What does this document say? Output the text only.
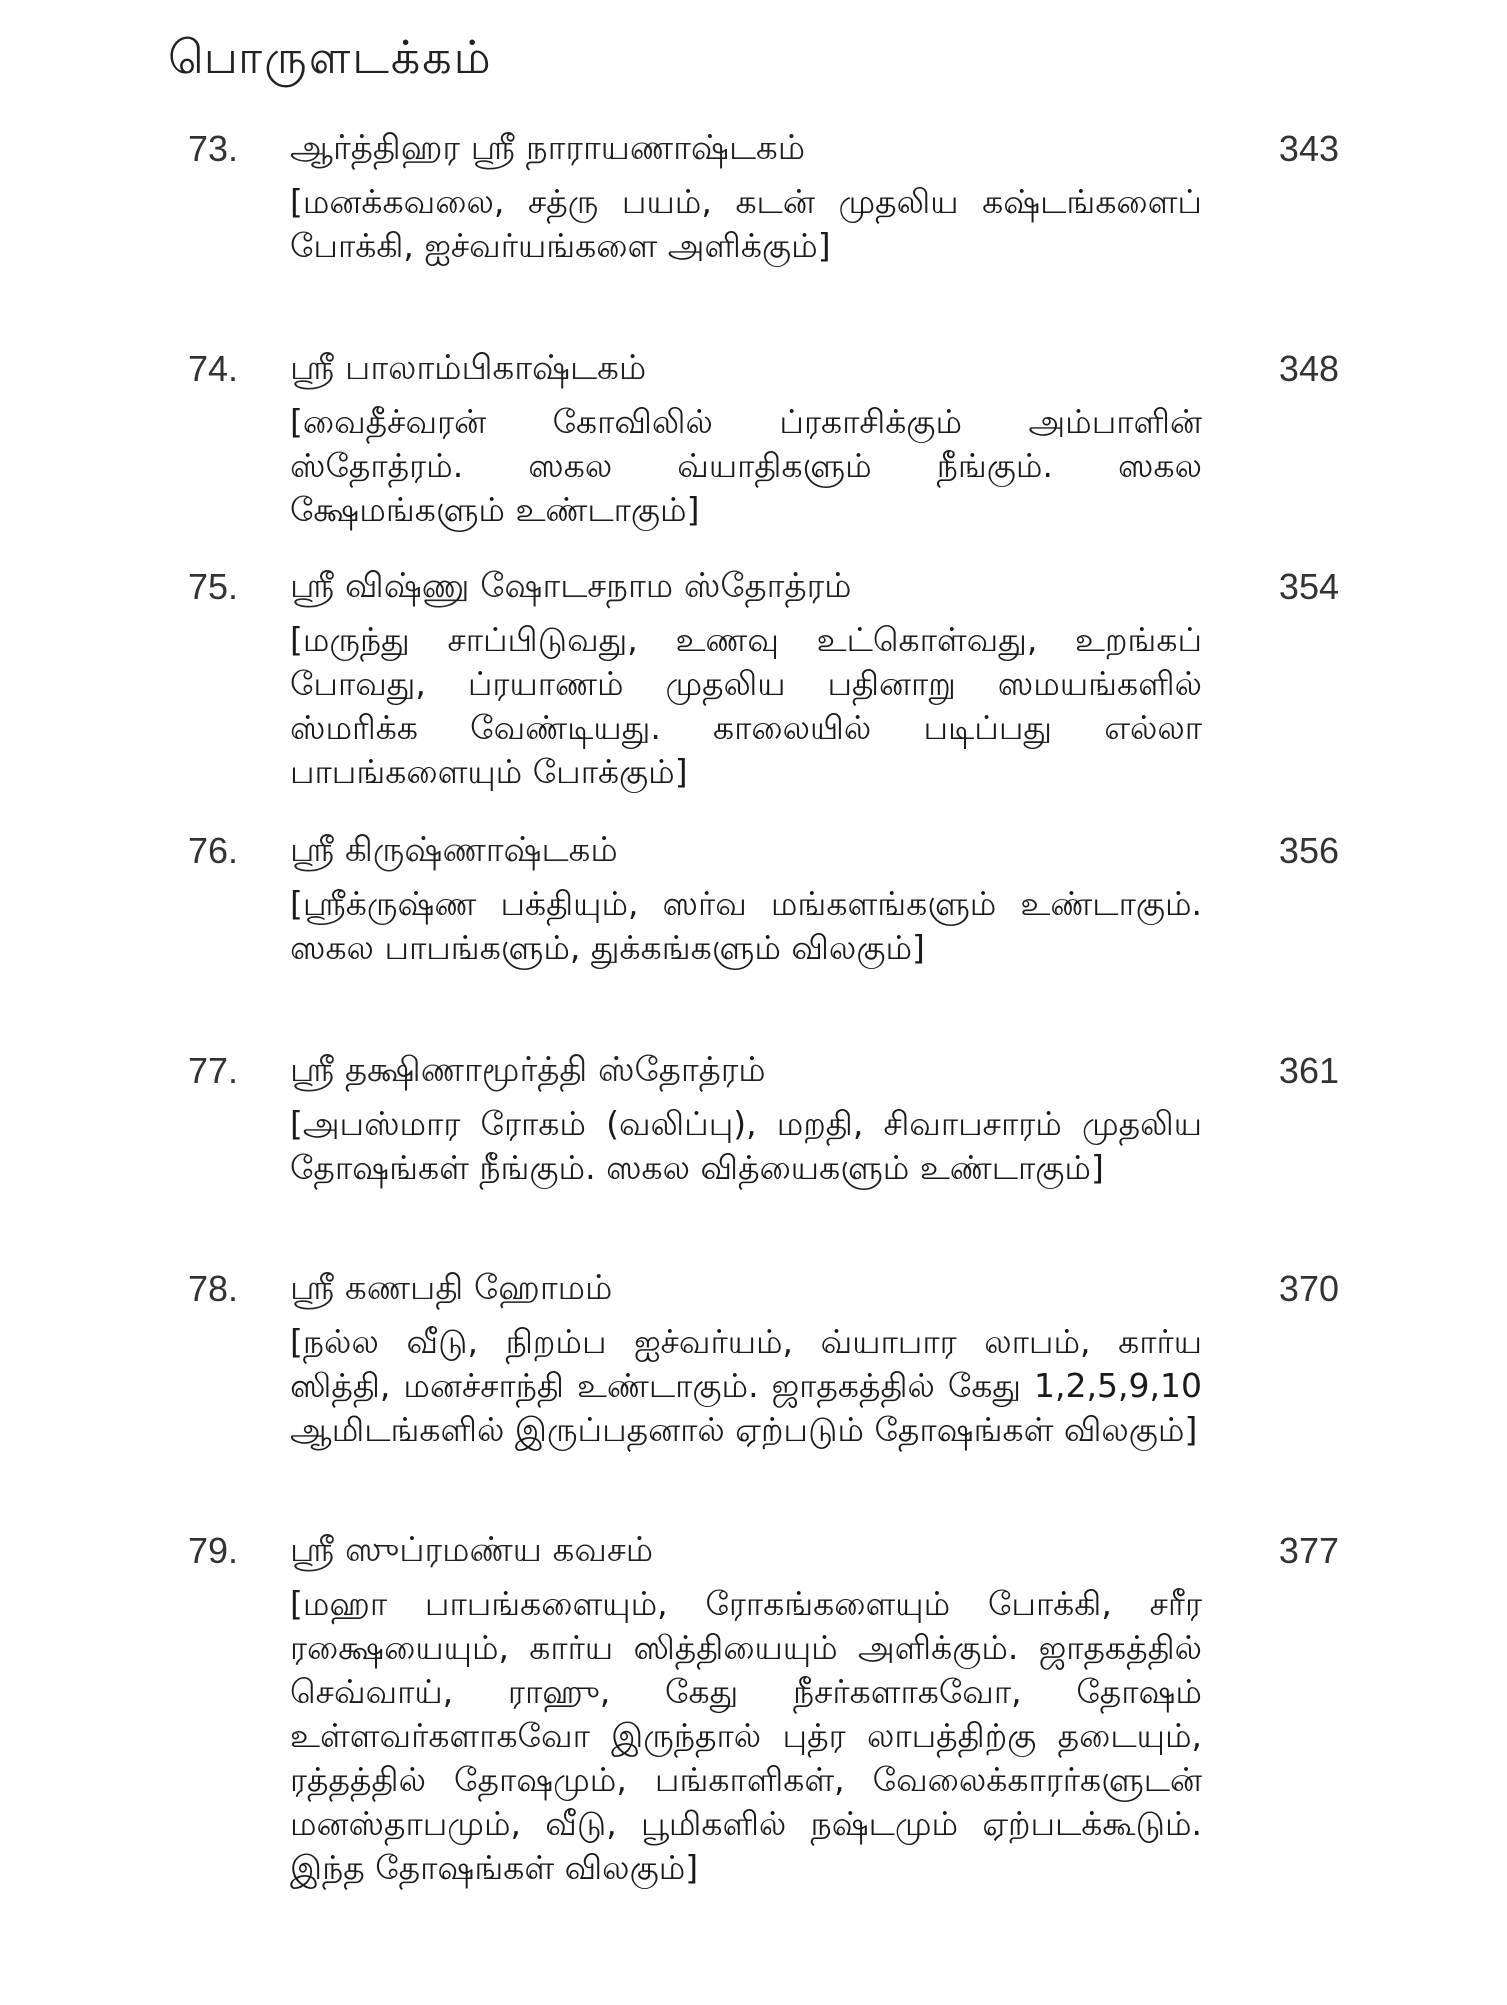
பொருளடக்கம்
73. ஆர்த்திஹர ஸ்ரீ நாராயணாஷ்டகம்	343
[மனக்கவலை, சத்ரு பயம், கடன் முதலிய கஷ்டங்களைப் போக்கி, ஐச்வர்யங்களை அளிக்கும்]
74. ஸ்ரீ பாலாம்பிகாஷ்டகம்	348
[வைதீச்வரன் கோவிலில் ப்ரகாசிக்கும் அம்பாளின் ஸ்தோத்ரம். ஸகல வ்யாதிகளும் நீங்கும். ஸகல க்ஷேமங்களும் உண்டாகும்]
75. ஸ்ரீ விஷ்ணு ஷோடசநாம ஸ்தோத்ரம்	354
[மருந்து சாப்பிடுவது, உணவு உட்கொள்வது, உறங்கப் போவது, ப்ரயாணம் முதலிய பதினாறு ஸமயங்களில் ஸ்மரிக்க வேண்டியது. காலையில் படிப்பது எல்லா பாபங்களையும் போக்கும்]
76. ஸ்ரீ கிருஷ்ணாஷ்டகம்	356
[ஸ்ரீக்ருஷ்ண பக்தியும், ஸர்வ மங்களங்களும் உண்டாகும். ஸகல பாபங்களும், துக்கங்களும் விலகும்]
77. ஸ்ரீ தக்ஷிணாமூர்த்தி ஸ்தோத்ரம்	361
[அபஸ்மார ரோகம் (வலிப்பு), மறதி, சிவாபசாரம் முதலிய தோஷங்கள் நீங்கும். ஸகல வித்யைகளும் உண்டாகும்]
78. ஸ்ரீ கணபதி ஹோமம்	370
[நல்ல வீடு, நிறம்ப ஐச்வர்யம், வ்யாபார லாபம், கார்ய ஸித்தி, மனச்சாந்தி உண்டாகும். ஜாதகத்தில் கேது 1,2,5,9,10 ஆமிடங்களில் இருப்பதனால் ஏற்படும் தோஷங்கள் விலகும்]
79. ஸ்ரீ ஸுப்ரமண்ய கவசம்	377
[மஹா பாபங்களையும், ரோகங்களையும் போக்கி, சரீர ரக்ஷையையும், கார்ய ஸித்தியையும் அளிக்கும். ஜாதகத்தில் செவ்வாய், ராஹு, கேது நீசர்களாகவோ, தோஷம் உள்ளவர்களாகவோ இருந்தால் புத்ர லாபத்திற்கு தடையும், ரத்தத்தில் தோஷமும், பங்காளிகள், வேலைக்காரர்களுடன் மனஸ்தாபமும், வீடு, பூமிகளில் நஷ்டமும் ஏற்படக்கூடும். இந்த தோஷங்கள் விலகும்]
